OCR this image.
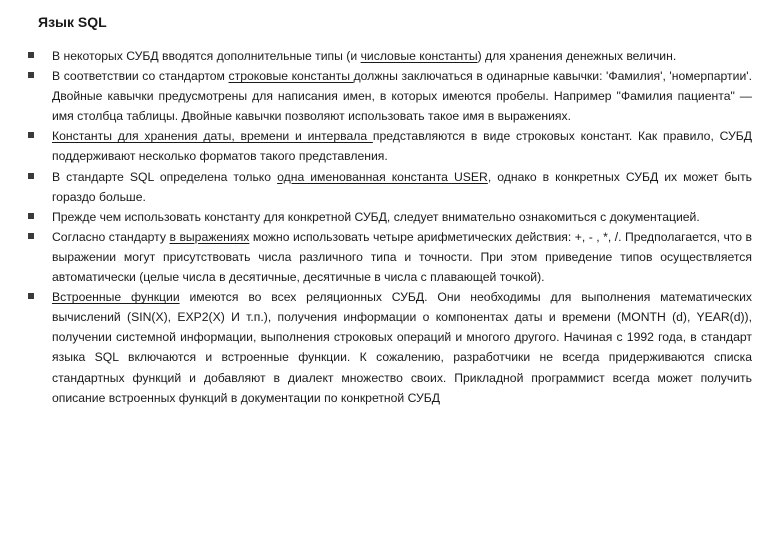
Язык SQL
В некоторых СУБД вводятся дополнительные типы (и числовые константы) для хранения денежных величин.
В соответствии со стандартом строковые константы должны заключаться в одинарные кавычки: 'Фамилия', 'номерпартии'. Двойные кавычки предусмотрены для написания имен, в которых имеются пробелы. Например "Фамилия пациента" — имя столбца таблицы. Двойные кавычки позволяют использовать такое имя в выражениях.
Константы для хранения даты, времени и интервала представляются в виде строковых констант. Как правило, СУБД поддерживают несколько форматов такого представления.
В стандарте SQL определена только одна именованная константа USER, однако в конкретных СУБД их может быть гораздо больше.
Прежде чем использовать константу для конкретной СУБД, следует внимательно ознакомиться с документацией.
Согласно стандарту в выражениях можно использовать четыре арифметических действия: +, - , *, /. Предполагается, что в выражении могут присутствовать числа различного типа и точности. При этом приведение типов осуществляется автоматически (целые числа в десятичные, десятичные в числа с плавающей точкой).
Встроенные функции имеются во всех реляционных СУБД. Они необходимы для выполнения математических вычислений (SIN(X), EXP2(X) И т.п.), получения информации о компонентах даты и времени (MONTH (d), YEAR(d)), получении системной информации, выполнения строковых операций и многого другого. Начиная с 1992 года, в стандарт языка SQL включаются и встроенные функции. К сожалению, разработчики не всегда придерживаются списка стандартных функций и добавляют в диалект множество своих. Прикладной программист всегда может получить описание встроенных функций в документации по конкретной СУБД
